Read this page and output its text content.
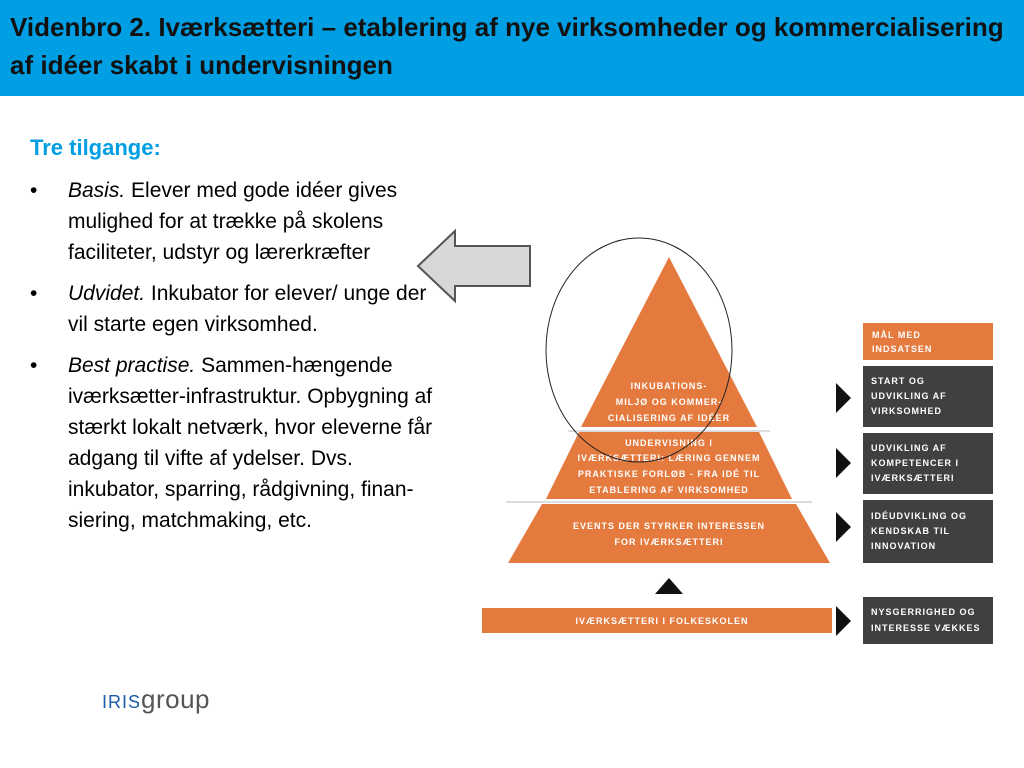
Videnbro 2. Iværksætteri – etablering af nye virksomheder og kommercialisering af idéer skabt i undervisningen
Tre tilgange:
• Basis. Elever med gode idéer gives mulighed for at trække på skolens faciliteter, udstyr og lærerkræfter
• Udvidet. Inkubator for elever/ unge der vil starte egen virksomhed.
• Best practise. Sammen-hængende iværksætter-infrastruktur. Opbygning af stærkt lokalt netværk, hvor eleverne får adgang til vifte af ydelser. Dvs. inkubator, sparring, rådgivning, finan-siering, matchmaking, etc.
INKUBATIONS-
MILJØ OG KOMMER-
CIALISERING AF IDÉER
UNDERVISNING I
IVÆRKSÆTTERI: LÆRING GENNEM
PRAKTISKE FORLØB - FRA IDÉ TIL
ETABLERING AF VIRKSOMHED
EVENTS DER STYRKER INTERESSEN
FOR IVÆRKSÆTTERI
IVÆRKSÆTTERI I FOLKESKOLEN
MÅL MED
INDSATSEN
START OG
UDVIKLING AF
VIRKSOMHED
UDVIKLING AF
KOMPETENCER I
IVÆRKSÆTTERI
IDÉUDVIKLING OG
KENDSKAB TIL
INNOVATION
NYSGERRIGHED OG
INTERESSE VÆKKES
IRISgroup
